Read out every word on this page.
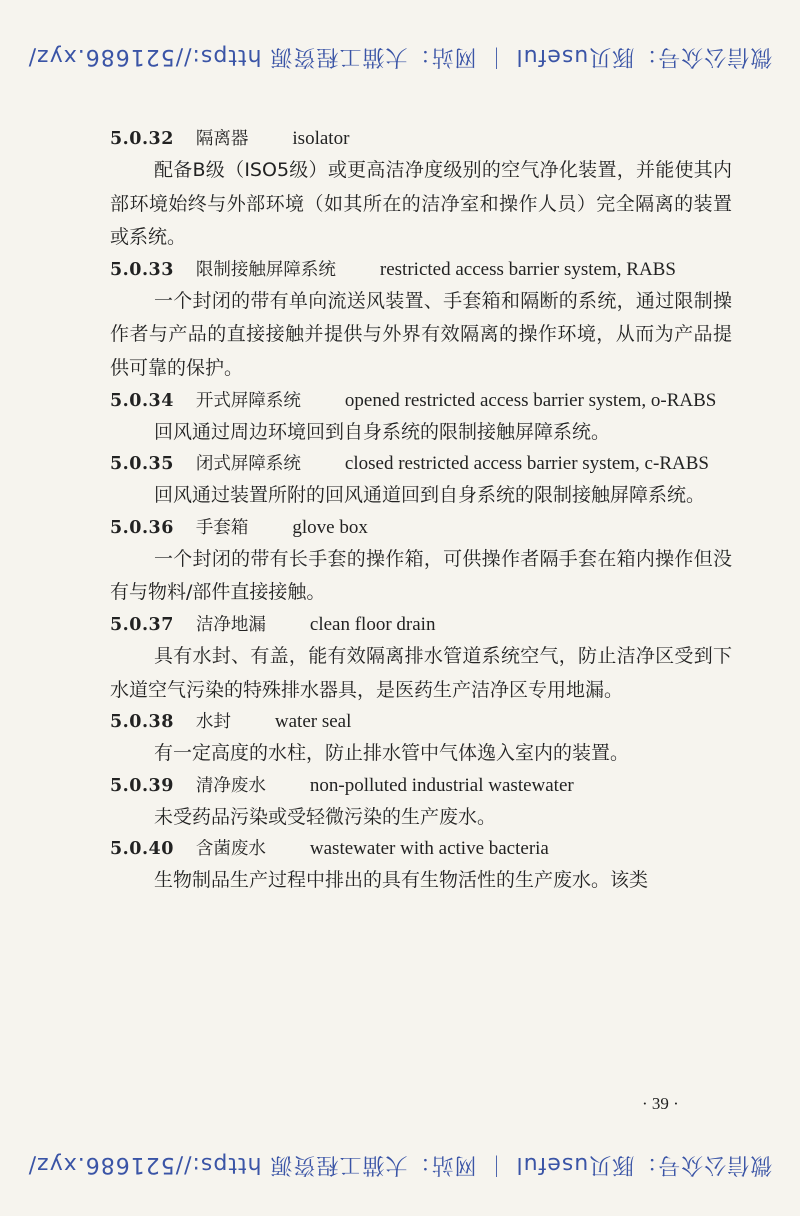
微信公众号：豚贝useful ｜ 网站：大猫工程资源 https://521686.xyz/

5.0.32 隔离器 isolator

配备B级（ISO5级）或更高洁净度级别的空气净化装置，并能使其内部环境始终与外部环境（如其所在的洁净室和操作人员）完全隔离的装置或系统。

5.0.33 限制接触屏障系统 restricted access barrier system, RABS

一个封闭的带有单向流送风装置、手套箱和隔断的系统，通过限制操作者与产品的直接接触并提供与外界有效隔离的操作环境，从而为产品提供可靠的保护。

5.0.34 开式屏障系统 opened restricted access barrier system, o-RABS

回风通过周边环境回到自身系统的限制接触屏障系统。

5.0.35 闭式屏障系统 closed restricted access barrier system, c-RABS

回风通过装置所附的回风通道回到自身系统的限制接触屏障系统。

5.0.36 手套箱 glove box

一个封闭的带有长手套的操作箱，可供操作者隔手套在箱内操作但没有与物料/部件直接接触。

5.0.37 洁净地漏 clean floor drain

具有水封、有盖，能有效隔离排水管道系统空气，防止洁净区受到下水道空气污染的特殊排水器具，是医药生产洁净区专用地漏。

5.0.38 水封 water seal

有一定高度的水柱，防止排水管中气体逸入室内的装置。

5.0.39 清净废水 non-polluted industrial wastewater

未受药品污染或受轻微污染的生产废水。

5.0.40 含菌废水 wastewater with active bacteria

生物制品生产过程中排出的具有生物活性的生产废水。该类

· 39 ·
微信公众号：豚贝useful ｜ 网站：大猫工程资源 https://521686.xyz/
